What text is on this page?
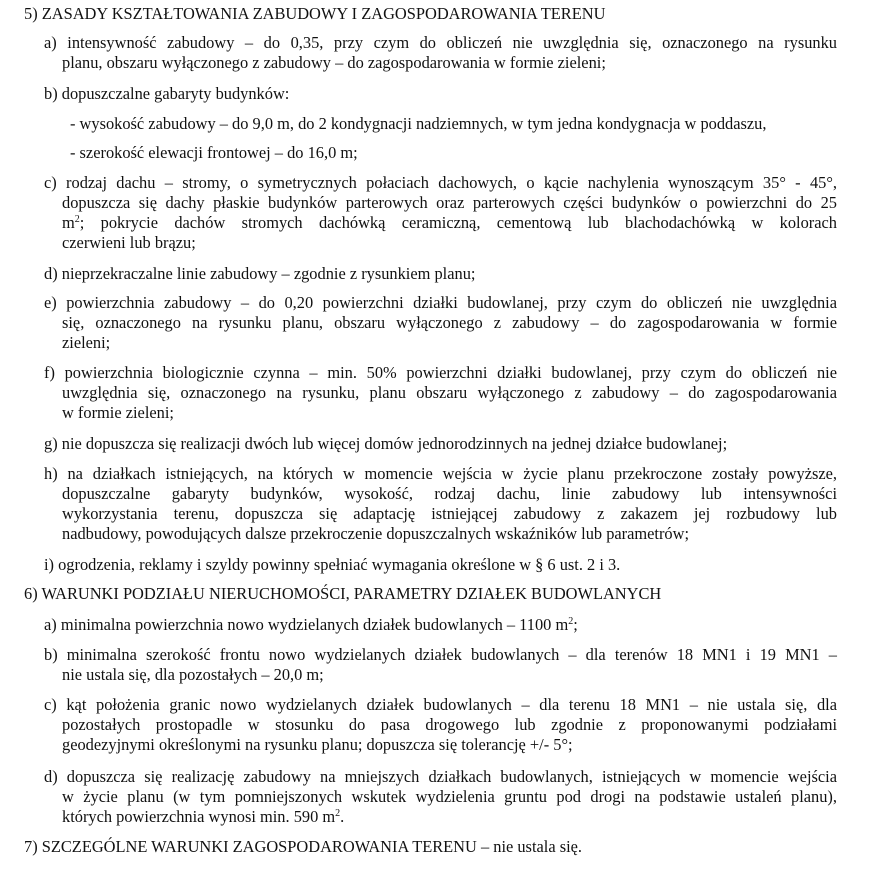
5) ZASADY KSZTAŁTOWANIA ZABUDOWY I ZAGOSPODAROWANIA TERENU
a) intensywność zabudowy – do 0,35, przy czym do obliczeń nie uwzględnia się, oznaczonego na rysunku
planu, obszaru wyłączonego z zabudowy – do zagospodarowania w formie zieleni;
b) dopuszczalne gabaryty budynków:
- wysokość zabudowy – do 9,0 m, do 2 kondygnacji nadziemnych, w tym jedna kondygnacja w poddaszu,
- szerokość elewacji frontowej – do 16,0 m;
c) rodzaj dachu – stromy, o symetrycznych połaciach dachowych, o kącie nachylenia wynoszącym 35° - 45°,
dopuszcza się dachy płaskie budynków parterowych oraz parterowych części budynków o powierzchni do 25
$m^2$; pokrycie dachów stromych dachówką ceramiczną, cementową lub blachodachówką w kolorach
czerwieni lub brązu;
d) nieprzekraczalne linie zabudowy – zgodnie z rysunkiem planu;
e) powierzchnia zabudowy – do 0,20 powierzchni działki budowlanej, przy czym do obliczeń nie uwzględnia
się, oznaczonego na rysunku planu, obszaru wyłączonego z zabudowy – do zagospodarowania w formie
zieleni;
f) powierzchnia biologicznie czynna – min. 50% powierzchni działki budowlanej, przy czym do obliczeń nie
uwzględnia się, oznaczonego na rysunku, planu obszaru wyłączonego z zabudowy – do zagospodarowania
w formie zieleni;
g) nie dopuszcza się realizacji dwóch lub więcej domów jednorodzinnych na jednej działce budowlanej;
h) na działkach istniejących, na których w momencie wejścia w życie planu przekroczone zostały powyższe,
dopuszczalne gabaryty budynków, wysokość, rodzaj dachu, linie zabudowy lub intensywności
wykorzystania terenu, dopuszcza się adaptację istniejącej zabudowy z zakazem jej rozbudowy lub
nadbudowy, powodujących dalsze przekroczenie dopuszczalnych wskaźników lub parametrów;
i) ogrodzenia, reklamy i szyldy powinny spełniać wymagania określone w § 6 ust. 2 i 3.
6) WARUNKI PODZIAŁU NIERUCHOMOŚCI, PARAMETRY DZIAŁEK BUDOWLANYCH
a) minimalna powierzchnia nowo wydzielanych działek budowlanych – 1100 $m^2$;
b) minimalna szerokość frontu nowo wydzielanych działek budowlanych – dla terenów 18 MN1 i 19 MN1 –
nie ustala się, dla pozostałych – 20,0 m;
c) kąt położenia granic nowo wydzielanych działek budowlanych – dla terenu 18 MN1 – nie ustala się, dla
pozostałych prostopadle w stosunku do pasa drogowego lub zgodnie z proponowanymi podziałami
geodezyjnymi określonymi na rysunku planu; dopuszcza się tolerancję +/- 5°;
d) dopuszcza się realizację zabudowy na mniejszych działkach budowlanych, istniejących w momencie wejścia
w życie planu (w tym pomniejszonych wskutek wydzielenia gruntu pod drogi na podstawie ustaleń planu),
których powierzchnia wynosi min. 590 $m^2$.
7) SZCZEGÓLNE WARUNKI ZAGOSPODAROWANIA TERENU – nie ustala się.
